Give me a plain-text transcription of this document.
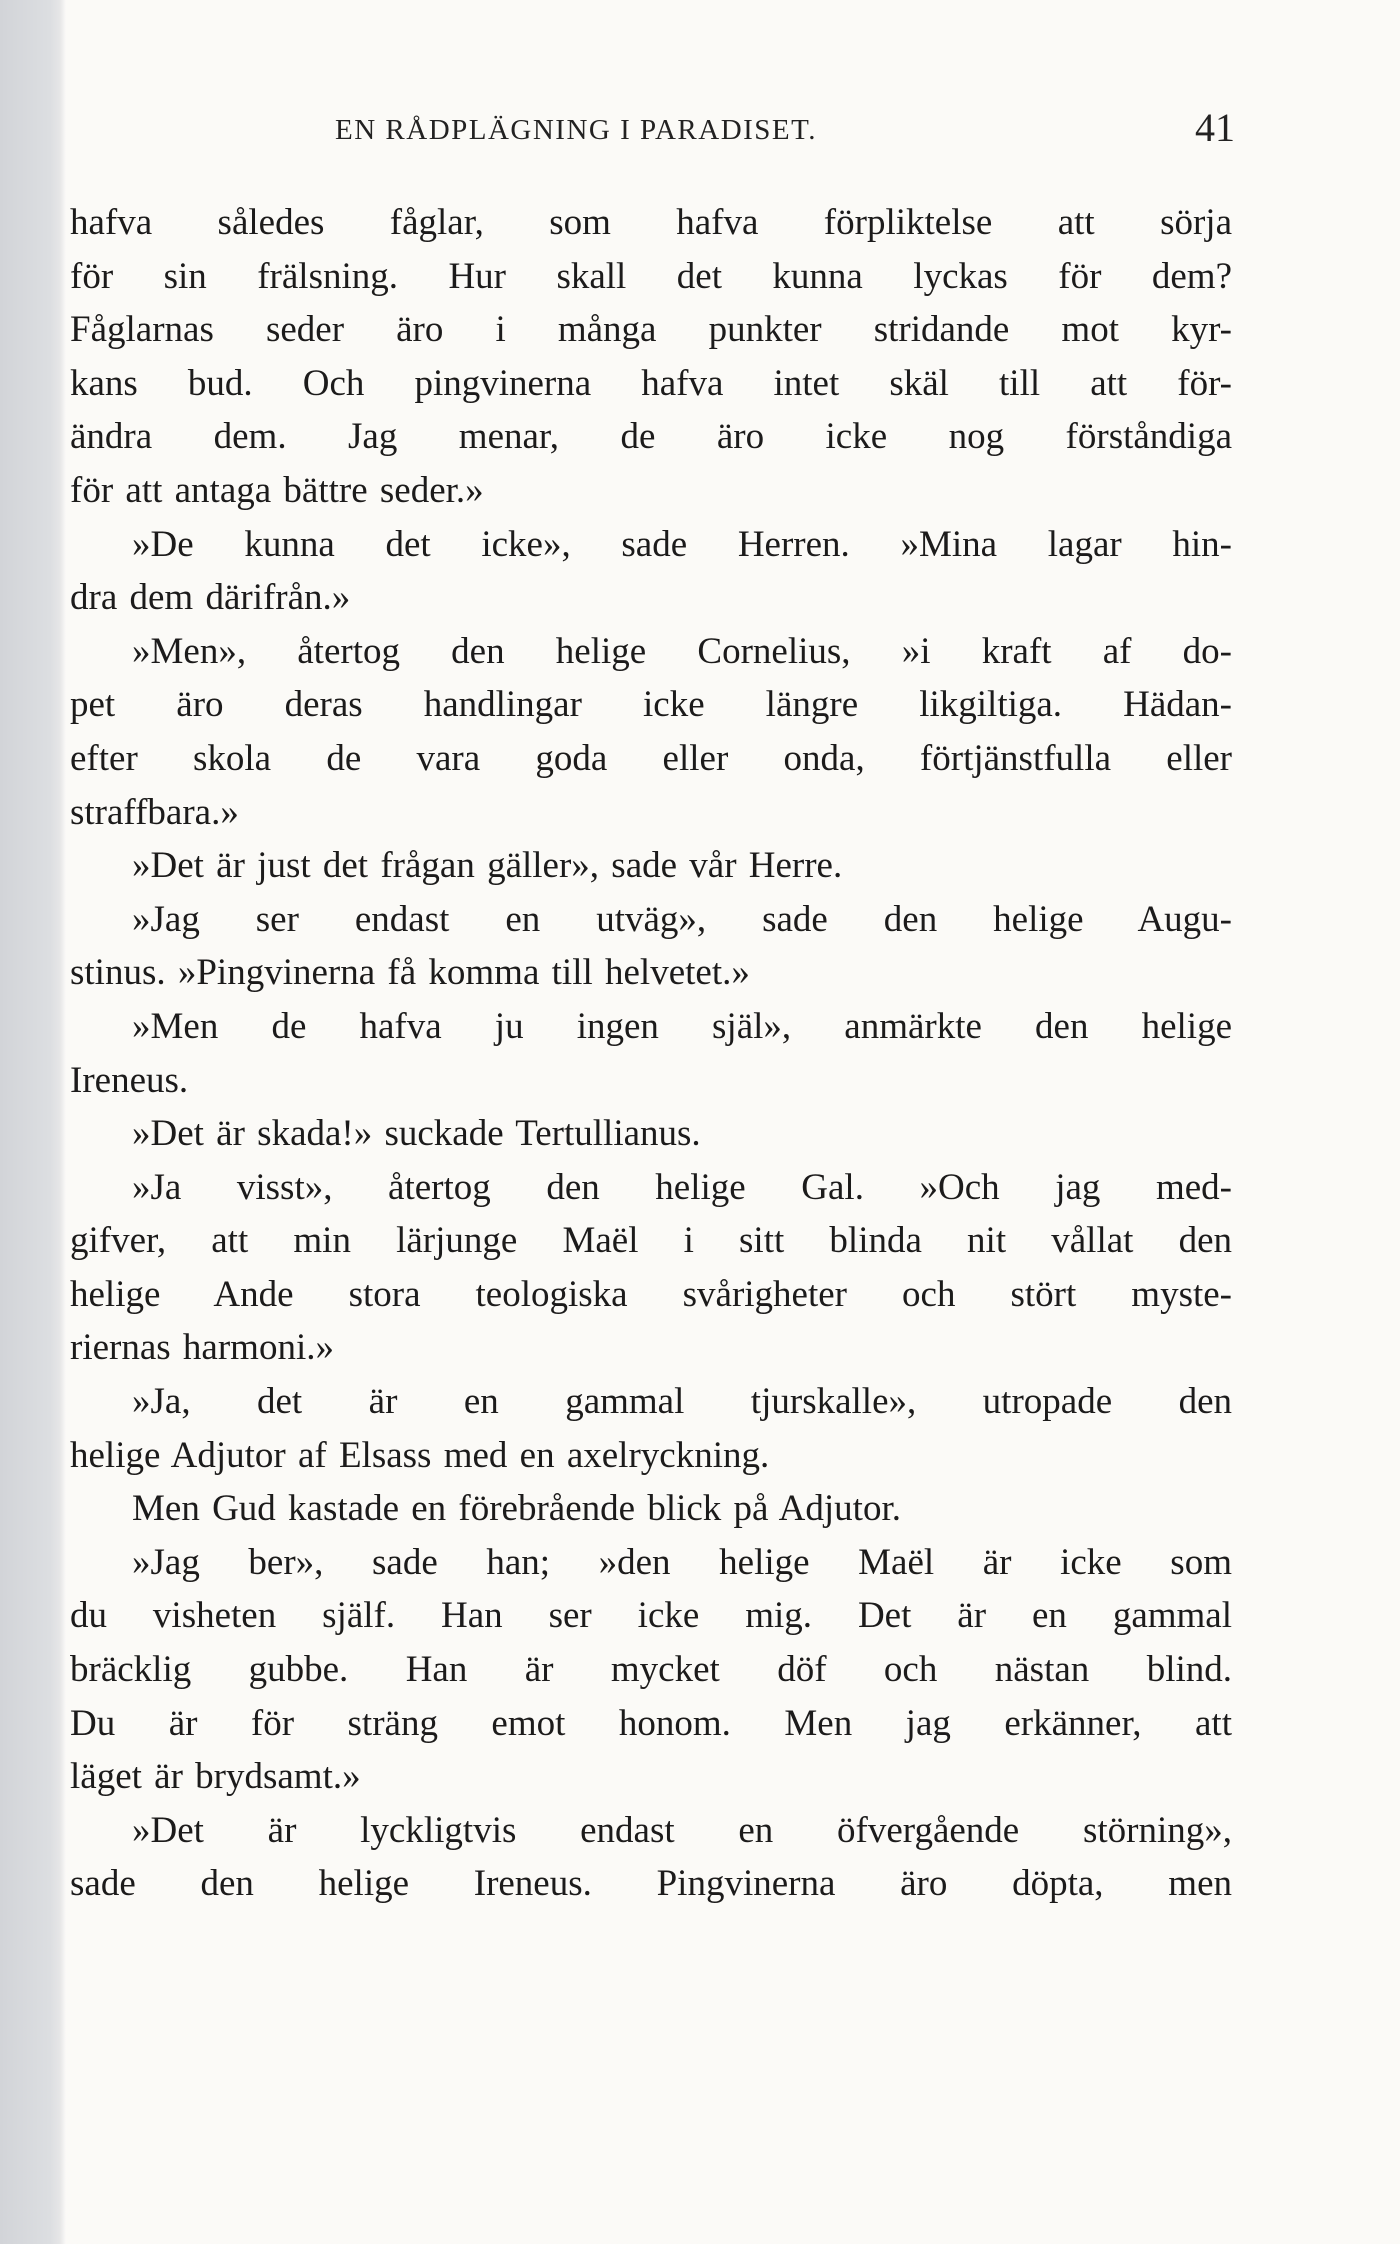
EN RÅDPLÄGNING I PARADISET.	41
hafva således fåglar, som hafva förpliktelse att sörja
för sin frälsning. Hur skall det kunna lyckas för dem?
Fåglarnas seder äro i många punkter stridande mot kyr-
kans bud. Och pingvinerna hafva intet skäl till att för-
ändra dem. Jag menar, de äro icke nog förståndiga
för att antaga bättre seder.»
»De kunna det icke», sade Herren. »Mina lagar hin-
dra dem därifrån.»
»Men», återtog den helige Cornelius, »i kraft af do-
pet äro deras handlingar icke längre likgiltiga. Hädan-
efter skola de vara goda eller onda, förtjänstfulla eller
straffbara.»
»Det är just det frågan gäller», sade vår Herre.
»Jag ser endast en utväg», sade den helige Augu-
stinus. »Pingvinerna få komma till helvetet.»
»Men de hafva ju ingen själ», anmärkte den helige
Ireneus.
»Det är skada!» suckade Tertullianus.
»Ja visst», återtog den helige Gal. »Och jag med-
gifver, att min lärjunge Maël i sitt blinda nit vållat den
helige Ande stora teologiska svårigheter och stört myste-
riernas harmoni.»
»Ja, det är en gammal tjurskalle», utropade den
helige Adjutor af Elsass med en axelryckning.
Men Gud kastade en förebrående blick på Adjutor.
»Jag ber», sade han; »den helige Maël är icke som
du visheten själf. Han ser icke mig. Det är en gammal
bräcklig gubbe. Han är mycket döf och nästan blind.
Du är för sträng emot honom. Men jag erkänner, att
läget är brydsamt.»
»Det är lyckligtvis endast en öfvergående störning»,
sade den helige Ireneus. Pingvinerna äro döpta, men
